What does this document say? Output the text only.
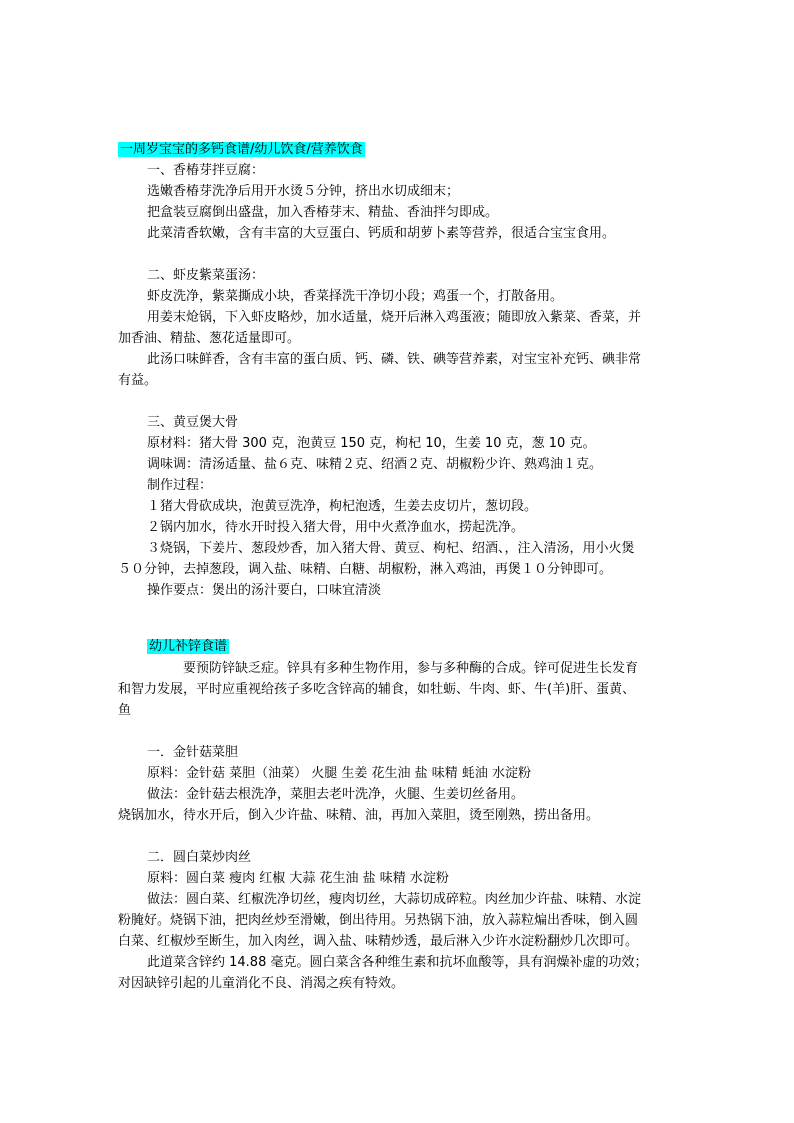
一周岁宝宝的多钙食谱/幼儿饮食/营养饮食
一、香椿芽拌豆腐：
选嫩香椿芽洗净后用开水烫５分钟，挤出水切成细末；
把盒装豆腐倒出盛盘，加入香椿芽末、精盐、香油拌匀即成。
此菜清香软嫩，含有丰富的大豆蛋白、钙质和胡萝卜素等营养，很适合宝宝食用。
二、虾皮紫菜蛋汤：
虾皮洗净，紫菜撕成小块，香菜择洗干净切小段；鸡蛋一个，打散备用。
用姜末炝锅，下入虾皮略炒，加水适量，烧开后淋入鸡蛋液；随即放入紫菜、香菜，并
加香油、精盐、葱花适量即可。
此汤口味鲜香，含有丰富的蛋白质、钙、磷、铁、碘等营养素，对宝宝补充钙、碘非常
有益。
三、黄豆煲大骨
原材料：猪大骨 300 克，泡黄豆 150 克，枸杞 10，生姜 10 克，葱 10 克。
调味调：清汤适量、盐６克、味精２克、绍酒２克、胡椒粉少许、熟鸡油１克。
制作过程：
１猪大骨砍成块，泡黄豆洗净，枸杞泡透，生姜去皮切片，葱切段。
２锅内加水，待水开时投入猪大骨，用中火煮净血水，捞起洗净。
３烧锅，下姜片、葱段炒香，加入猪大骨、黄豆、枸杞、绍酒、，注入清汤，用小火煲
５０分钟，去掉葱段，调入盐、味精、白糖、胡椒粉，淋入鸡油，再煲１０分钟即可。
操作要点：煲出的汤汁要白，口味宜清淡
幼儿补锌食谱
要预防锌缺乏症。锌具有多种生物作用，参与多种酶的合成。锌可促进生长发育
和智力发展，平时应重视给孩子多吃含锌高的辅食，如牡蛎、牛肉、虾、牛(羊)肝、蛋黄、
鱼
一．金针菇菜胆
原料：金针菇 菜胆（油菜） 火腿 生姜 花生油 盐 味精 蚝油 水淀粉
做法：金针菇去根洗净，菜胆去老叶洗净，火腿、生姜切丝备用。
烧锅加水，待水开后，倒入少许盐、味精、油，再加入菜胆，烫至刚熟，捞出备用。
二．圆白菜炒肉丝
原料：圆白菜 瘦肉 红椒 大蒜 花生油 盐 味精 水淀粉
做法：圆白菜、红椒洗净切丝，瘦肉切丝，大蒜切成碎粒。肉丝加少许盐、味精、水淀
粉腌好。烧锅下油，把肉丝炒至滑嫩，倒出待用。另热锅下油，放入蒜粒煸出香味，倒入圆
白菜、红椒炒至断生，加入肉丝，调入盐、味精炒透，最后淋入少许水淀粉翻炒几次即可。
此道菜含锌约 14.88 毫克。圆白菜含各种维生素和抗坏血酸等，具有润燥补虚的功效；
对因缺锌引起的儿童消化不良、消渴之疾有特效。
